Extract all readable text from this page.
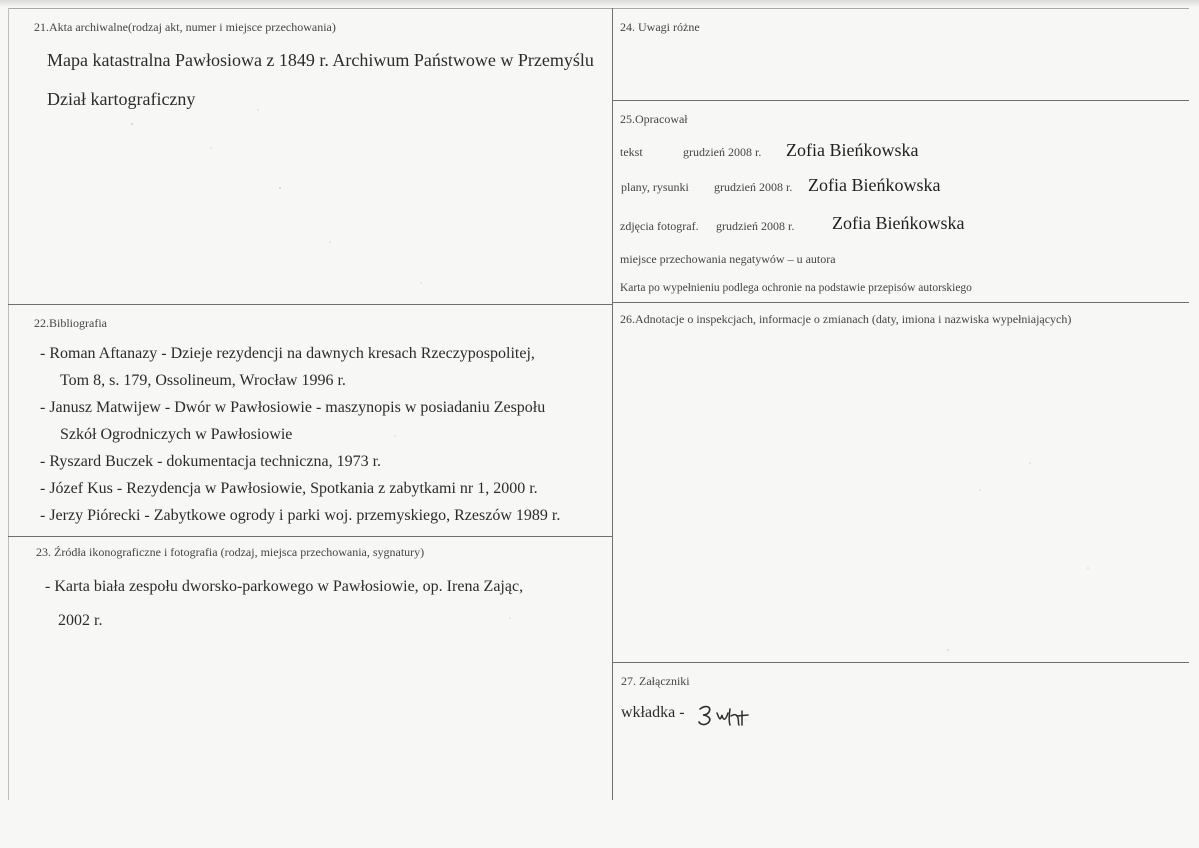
21.Akta archiwalne(rodzaj akt, numer i miejsce przechowania)
Mapa katastralna Pawłosiowa z 1849 r. Archiwum Państwowe w Przemyślu
Dział kartograficzny
24. Uwagi różne
25.Opracował
tekst	grudzień 2008 r. Zofia Bieńkowska
plany, rysunki grudzień 2008 r. Zofia Bieńkowska
zdjęcia fotograf. grudzień 2008 r. Zofia Bieńkowska
miejsce przechowania negatywów – u autora
Karta po wypełnieniu podlega ochronie na podstawie przepisów autorskiego
22.Bibliografia
- Roman Aftanazy - Dzieje rezydencji na dawnych kresach Rzeczypospolitej,
Tom 8, s. 179, Ossolineum, Wrocław 1996 r.
- Janusz Matwijew - Dwór w Pawłosiowie - maszynopis w posiadaniu Zespołu
Szkół Ogrodniczych w Pawłosiowie
- Ryszard Buczek - dokumentacja techniczna, 1973 r.
- Józef Kus - Rezydencja w Pawłosiowie, Spotkania z zabytkami nr 1, 2000 r.
- Jerzy Piórecki - Zabytkowe ogrody i parki woj. przemyskiego, Rzeszów 1989 r.
26.Adnotacje o inspekcjach, informacje o zmianach (daty, imiona i nazwiska wypełniających)
23. Źródła ikonograficzne i fotografia (rodzaj, miejsca przechowania, sygnatury)
- Karta biała zespołu dworsko-parkowego w Pawłosiowie, op. Irena Zając,
2002 r.
27. Załączniki
wkładka -
